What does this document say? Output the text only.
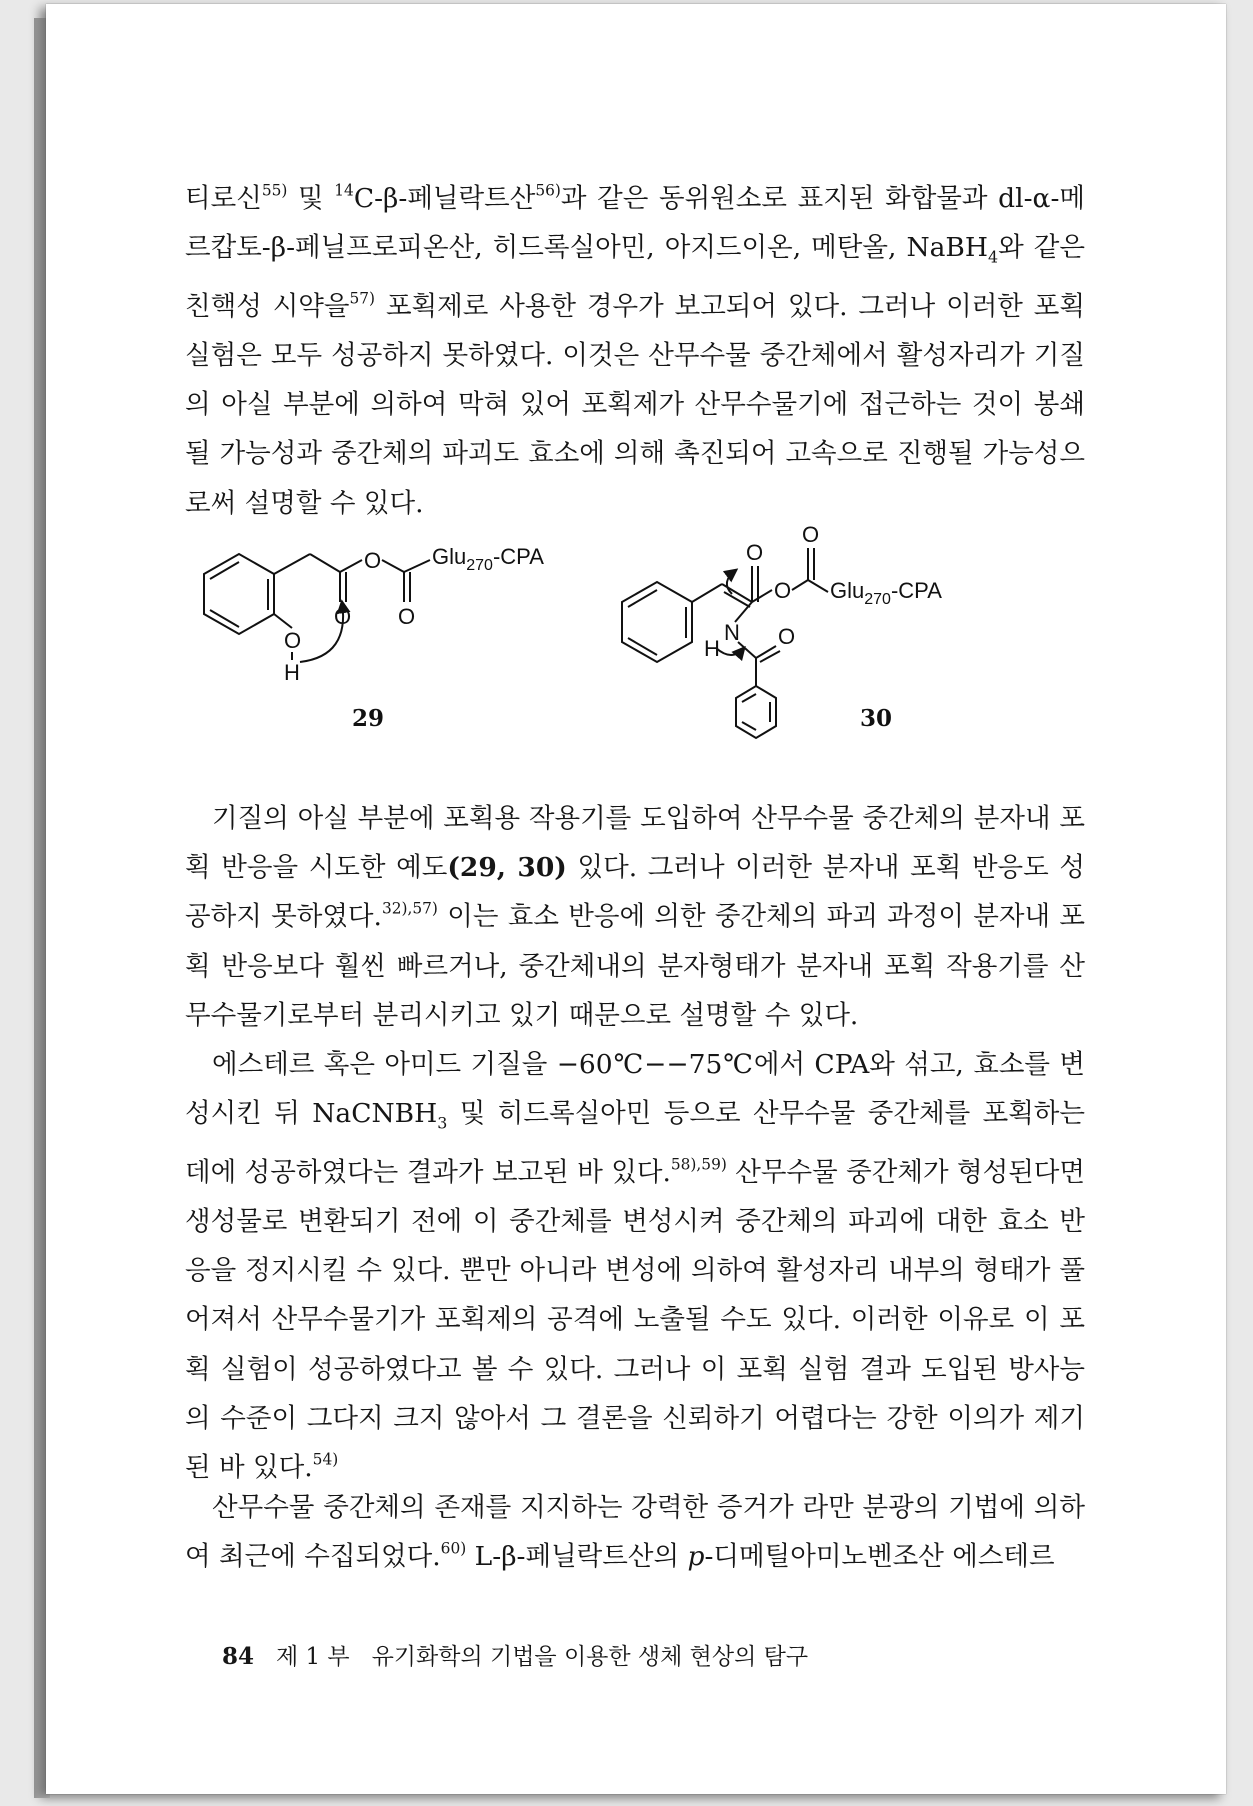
티로신$^{55)}$ 및 $^{14}$C-β-페닐락트산$^{56)}$과 같은 동위원소로 표지된 화합물과 dl-α-메르캅토-β-페닐프로피온산, 히드록실아민, 아지드이온, 메탄올, NaBH$_4$와 같은 친핵성 시약을$^{57)}$ 포획제로 사용한 경우가 보고되어 있다. 그러나 이러한 포획 실험은 모두 성공하지 못하였다. 이것은 산무수물 중간체에서 활성자리가 기질의 아실 부분에 의하여 막혀 있어 포획제가 산무수물기에 접근하는 것이 봉쇄될 가능성과 중간체의 파괴도 효소에 의해 촉진되어 고속으로 진행될 가능성으로써 설명할 수 있다.

O
O O
O
H
Glu$_{270}$-CPA
29
O
O
O
O
N
H
Glu$_{270}$-CPA
30

기질의 아실 부분에 포획용 작용기를 도입하여 산무수물 중간체의 분자내 포획 반응을 시도한 예도(29, 30) 있다. 그러나 이러한 분자내 포획 반응도 성공하지 못하였다.$^{32),57)}$ 이는 효소 반응에 의한 중간체의 파괴 과정이 분자내 포획 반응보다 훨씬 빠르거나, 중간체내의 분자형태가 분자내 포획 작용기를 산무수물기로부터 분리시키고 있기 때문으로 설명할 수 있다.

에스테르 혹은 아미드 기질을 −60℃−−75℃에서 CPA와 섞고, 효소를 변성시킨 뒤 NaCNBH$_3$ 및 히드록실아민 등으로 산무수물 중간체를 포획하는 데에 성공하였다는 결과가 보고된 바 있다.$^{58),59)}$ 산무수물 중간체가 형성된다면 생성물로 변환되기 전에 이 중간체를 변성시켜 중간체의 파괴에 대한 효소 반응을 정지시킬 수 있다. 뿐만 아니라 변성에 의하여 활성자리 내부의 형태가 풀어져서 산무수물기가 포획제의 공격에 노출될 수도 있다. 이러한 이유로 이 포획 실험이 성공하였다고 볼 수 있다. 그러나 이 포획 실험 결과 도입된 방사능의 수준이 그다지 크지 않아서 그 결론을 신뢰하기 어렵다는 강한 이의가 제기된 바 있다.$^{54)}$

산무수물 중간체의 존재를 지지하는 강력한 증거가 라만 분광의 기법에 의하여 최근에 수집되었다.$^{60)}$ L-β-페닐락트산의 p-디메틸아미노벤조산 에스테르

84 제 1 부 유기화학의 기법을 이용한 생체 현상의 탐구
